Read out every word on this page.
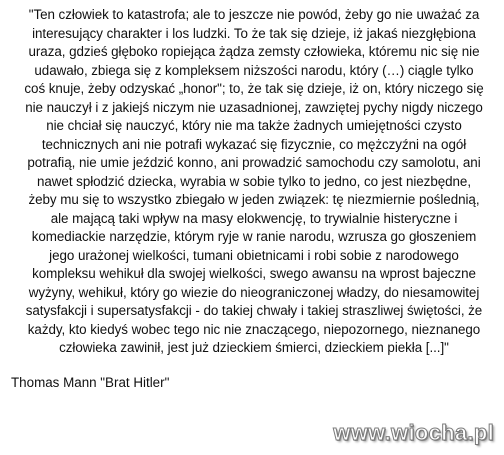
"Ten człowiek to katastrofa; ale to jeszcze nie powód, żeby go nie uważać za
interesujący charakter i los ludzki. To że tak się dzieje, iż jakaś niezgłębiona
uraza, gdzieś głęboko ropiejąca żądza zemsty człowieka, któremu nic się nie
udawało, zbiega się z kompleksem niższości narodu, który (…) ciągle tylko
coś knuje, żeby odzyskać „honor"; to, że tak się dzieje, iż on, który niczego się
nie nauczył i z jakiejś niczym nie uzasadnionej, zawziętej pychy nigdy niczego
nie chciał się nauczyć, który nie ma także żadnych umiejętności czysto
technicznych ani nie potrafi wykazać się fizycznie, co mężczyźni na ogół
potrafią, nie umie jeździć konno, ani prowadzić samochodu czy samolotu, ani
nawet spłodzić dziecka, wyrabia w sobie tylko to jedno, co jest niezbędne,
żeby mu się to wszystko zbiegało w jeden związek: tę niezmiernie poślednią,
ale mającą taki wpływ na masy elokwencję, to trywialnie histeryczne i
komediackie narzędzie, którym ryje w ranie narodu, wzrusza go głoszeniem
jego urażonej wielkości, tumani obietnicami i robi sobie z narodowego
kompleksu wehikuł dla swojej wielkości, swego awansu na wprost bajeczne
wyżyny, wehikuł, który go wiezie do nieograniczonej władzy, do niesamowitej
satysfakcji i supersatysfakcji - do takiej chwały i takiej straszliwej świętości, że
każdy, kto kiedyś wobec tego nic nie znaczącego, niepozornego, nieznanego
człowieka zawinił, jest już dzieckiem śmierci, dzieckiem piekła [...]"
Thomas Mann "Brat Hitler"
www.wiocha.pl
